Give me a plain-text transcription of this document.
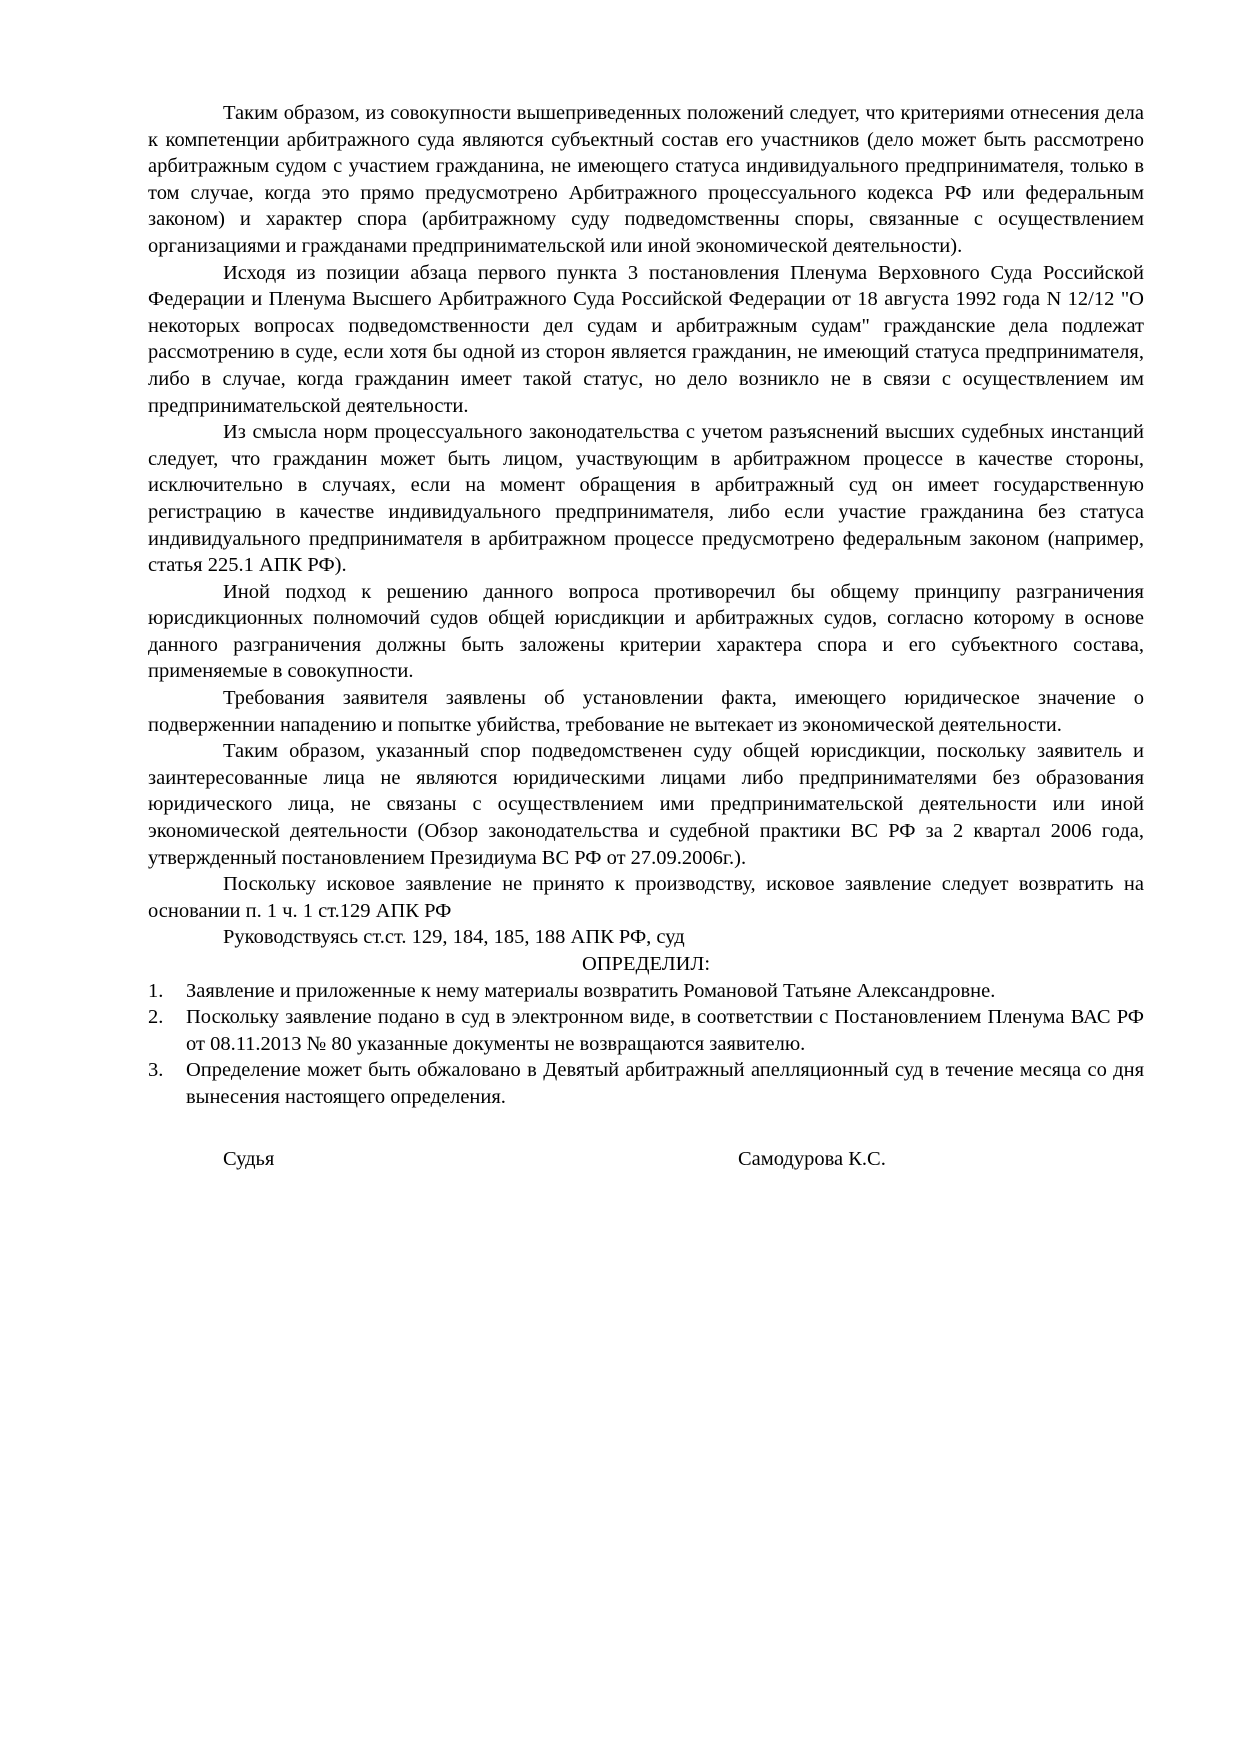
Таким образом, из совокупности вышеприведенных положений следует, что критериями отнесения дела к компетенции арбитражного суда являются субъектный состав его участников (дело может быть рассмотрено арбитражным судом с участием гражданина, не имеющего статуса индивидуального предпринимателя, только в том случае, когда это прямо предусмотрено Арбитражного процессуального кодекса РФ или федеральным законом) и характер спора (арбитражному суду подведомственны споры, связанные с осуществлением организациями и гражданами предпринимательской или иной экономической деятельности).

Исходя из позиции абзаца первого пункта 3 постановления Пленума Верховного Суда Российской Федерации и Пленума Высшего Арбитражного Суда Российской Федерации от 18 августа 1992 года N 12/12 "О некоторых вопросах подведомственности дел судам и арбитражным судам" гражданские дела подлежат рассмотрению в суде, если хотя бы одной из сторон является гражданин, не имеющий статуса предпринимателя, либо в случае, когда гражданин имеет такой статус, но дело возникло не в связи с осуществлением им предпринимательской деятельности.

Из смысла норм процессуального законодательства с учетом разъяснений высших судебных инстанций следует, что гражданин может быть лицом, участвующим в арбитражном процессе в качестве стороны, исключительно в случаях, если на момент обращения в арбитражный суд он имеет государственную регистрацию в качестве индивидуального предпринимателя, либо если участие гражданина без статуса индивидуального предпринимателя в арбитражном процессе предусмотрено федеральным законом (например, статья 225.1 АПК РФ).

Иной подход к решению данного вопроса противоречил бы общему принципу разграничения юрисдикционных полномочий судов общей юрисдикции и арбитражных судов, согласно которому в основе данного разграничения должны быть заложены критерии характера спора и его субъектного состава, применяемые в совокупности.

Требования заявителя заявлены об установлении факта, имеющего юридическое значение о подверженнии нападению и попытке убийства, требование не вытекает из экономической деятельности.

Таким образом, указанный спор подведомственен суду общей юрисдикции, поскольку заявитель и заинтересованные лица не являются юридическими лицами либо предпринимателями без образования юридического лица, не связаны с осуществлением ими предпринимательской деятельности или иной экономической деятельности (Обзор законодательства и судебной практики ВС РФ за 2 квартал 2006 года, утвержденный постановлением Президиума ВС РФ от 27.09.2006г.).

Поскольку исковое заявление не принято к производству, исковое заявление следует возвратить на основании п. 1 ч. 1 ст.129 АПК РФ

Руководствуясь ст.ст. 129, 184, 185, 188 АПК РФ, суд

ОПРЕДЕЛИЛ:

1. Заявление и приложенные к нему материалы возвратить Романовой Татьяне Александровне.
2. Поскольку заявление подано в суд в электронном виде, в соответствии с Постановлением Пленума ВАС РФ от 08.11.2013 № 80 указанные документы не возвращаются заявителю.
3. Определение может быть обжаловано в Девятый арбитражный апелляционный суд в течение месяца со дня вынесения настоящего определения.
Судья	Самодурова К.С.
